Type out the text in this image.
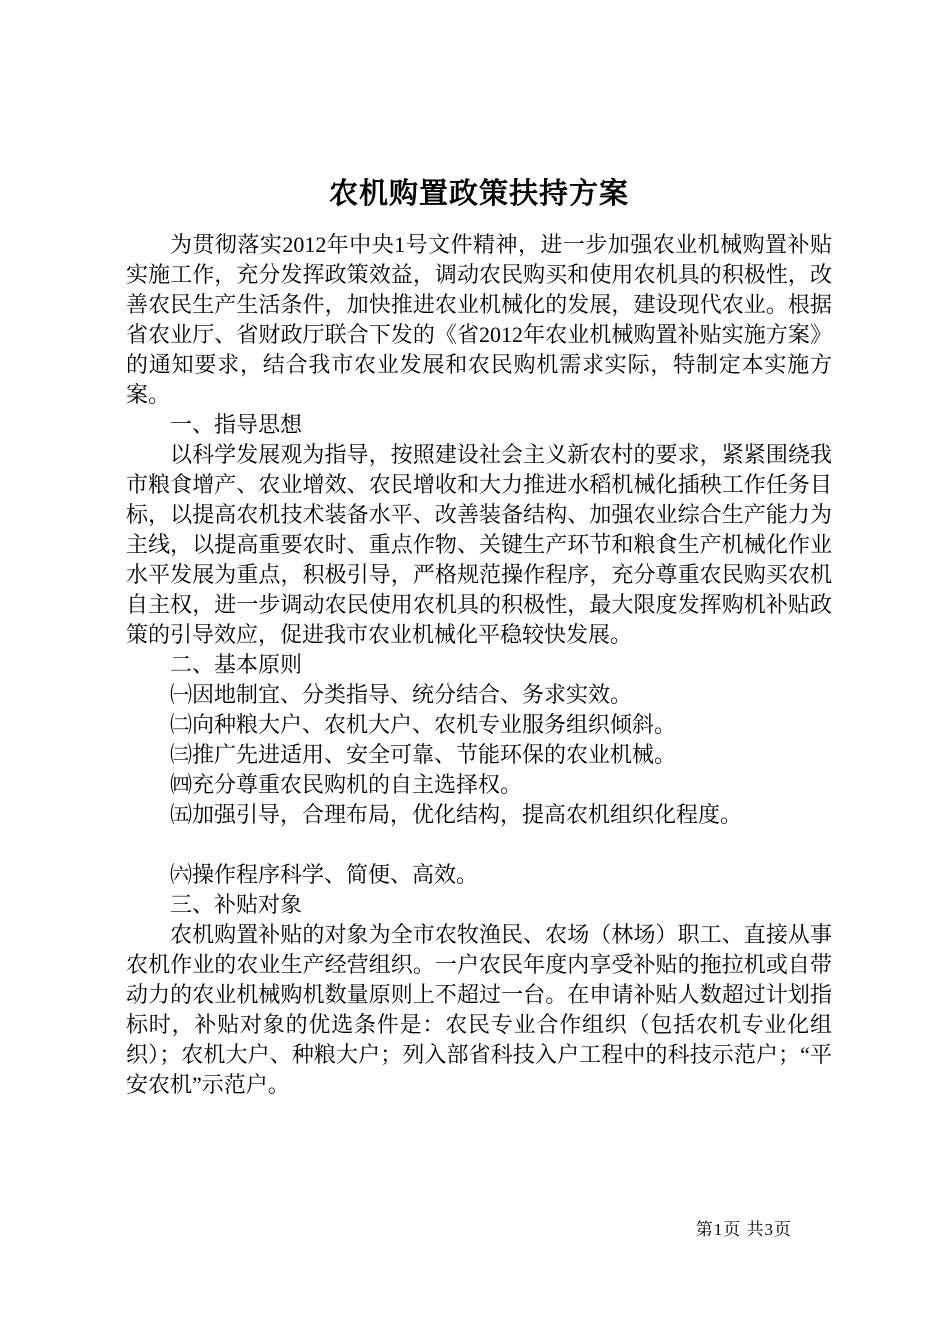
农机购置政策扶持方案

为贯彻落实2012年中央1号文件精神，进一步加强农业机械购置补贴实施工作，充分发挥政策效益，调动农民购买和使用农机具的积极性，改善农民生产生活条件，加快推进农业机械化的发展，建设现代农业。根据省农业厅、省财政厅联合下发的《省2012年农业机械购置补贴实施方案》的通知要求，结合我市农业发展和农民购机需求实际，特制定本实施方案。

一、指导思想

以科学发展观为指导，按照建设社会主义新农村的要求，紧紧围绕我市粮食增产、农业增效、农民增收和大力推进水稻机械化插秧工作任务目标，以提高农机技术装备水平、改善装备结构、加强农业综合生产能力为主线，以提高重要农时、重点作物、关键生产环节和粮食生产机械化作业水平发展为重点，积极引导，严格规范操作程序，充分尊重农民购买农机自主权，进一步调动农民使用农机具的积极性，最大限度发挥购机补贴政策的引导效应，促进我市农业机械化平稳较快发展。

二、基本原则

㈠因地制宜、分类指导、统分结合、务求实效。

㈡向种粮大户、农机大户、农机专业服务组织倾斜。

㈢推广先进适用、安全可靠、节能环保的农业机械。

㈣充分尊重农民购机的自主选择权。

㈤加强引导，合理布局，优化结构，提高农机组织化程度。

㈥操作程序科学、简便、高效。

三、补贴对象

农机购置补贴的对象为全市农牧渔民、农场（林场）职工、直接从事农机作业的农业生产经营组织。一户农民年度内享受补贴的拖拉机或自带动力的农业机械购机数量原则上不超过一台。在申请补贴人数超过计划指标时，补贴对象的优选条件是：农民专业合作组织（包括农机专业化组织）；农机大户、种粮大户；列入部省科技入户工程中的科技示范户；“平安农机”示范户。

第1页 共3页
